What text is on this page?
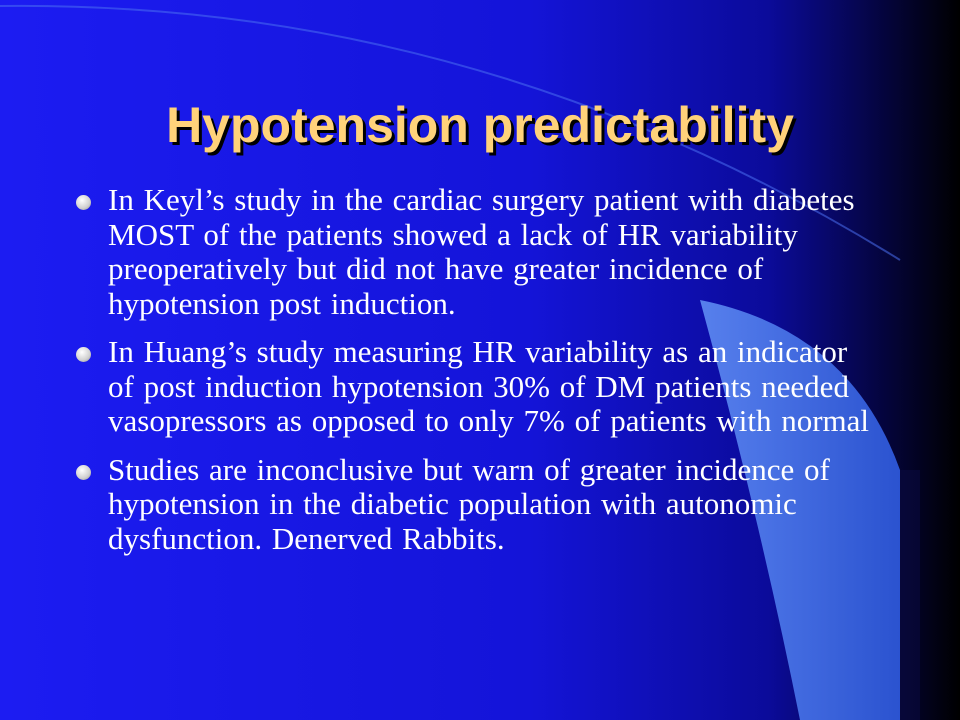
Hypotension predictability
In Keyl’s study in the cardiac surgery patient with diabetes MOST of the patients showed a lack of HR variability preoperatively but did not have greater incidence of hypotension post induction.
In Huang’s study measuring HR variability as an indicator of post induction hypotension 30% of DM patients needed vasopressors as opposed to only 7% of patients with normal
Studies are inconclusive but warn of greater incidence of hypotension in the diabetic population with autonomic dysfunction. Denerved Rabbits.
